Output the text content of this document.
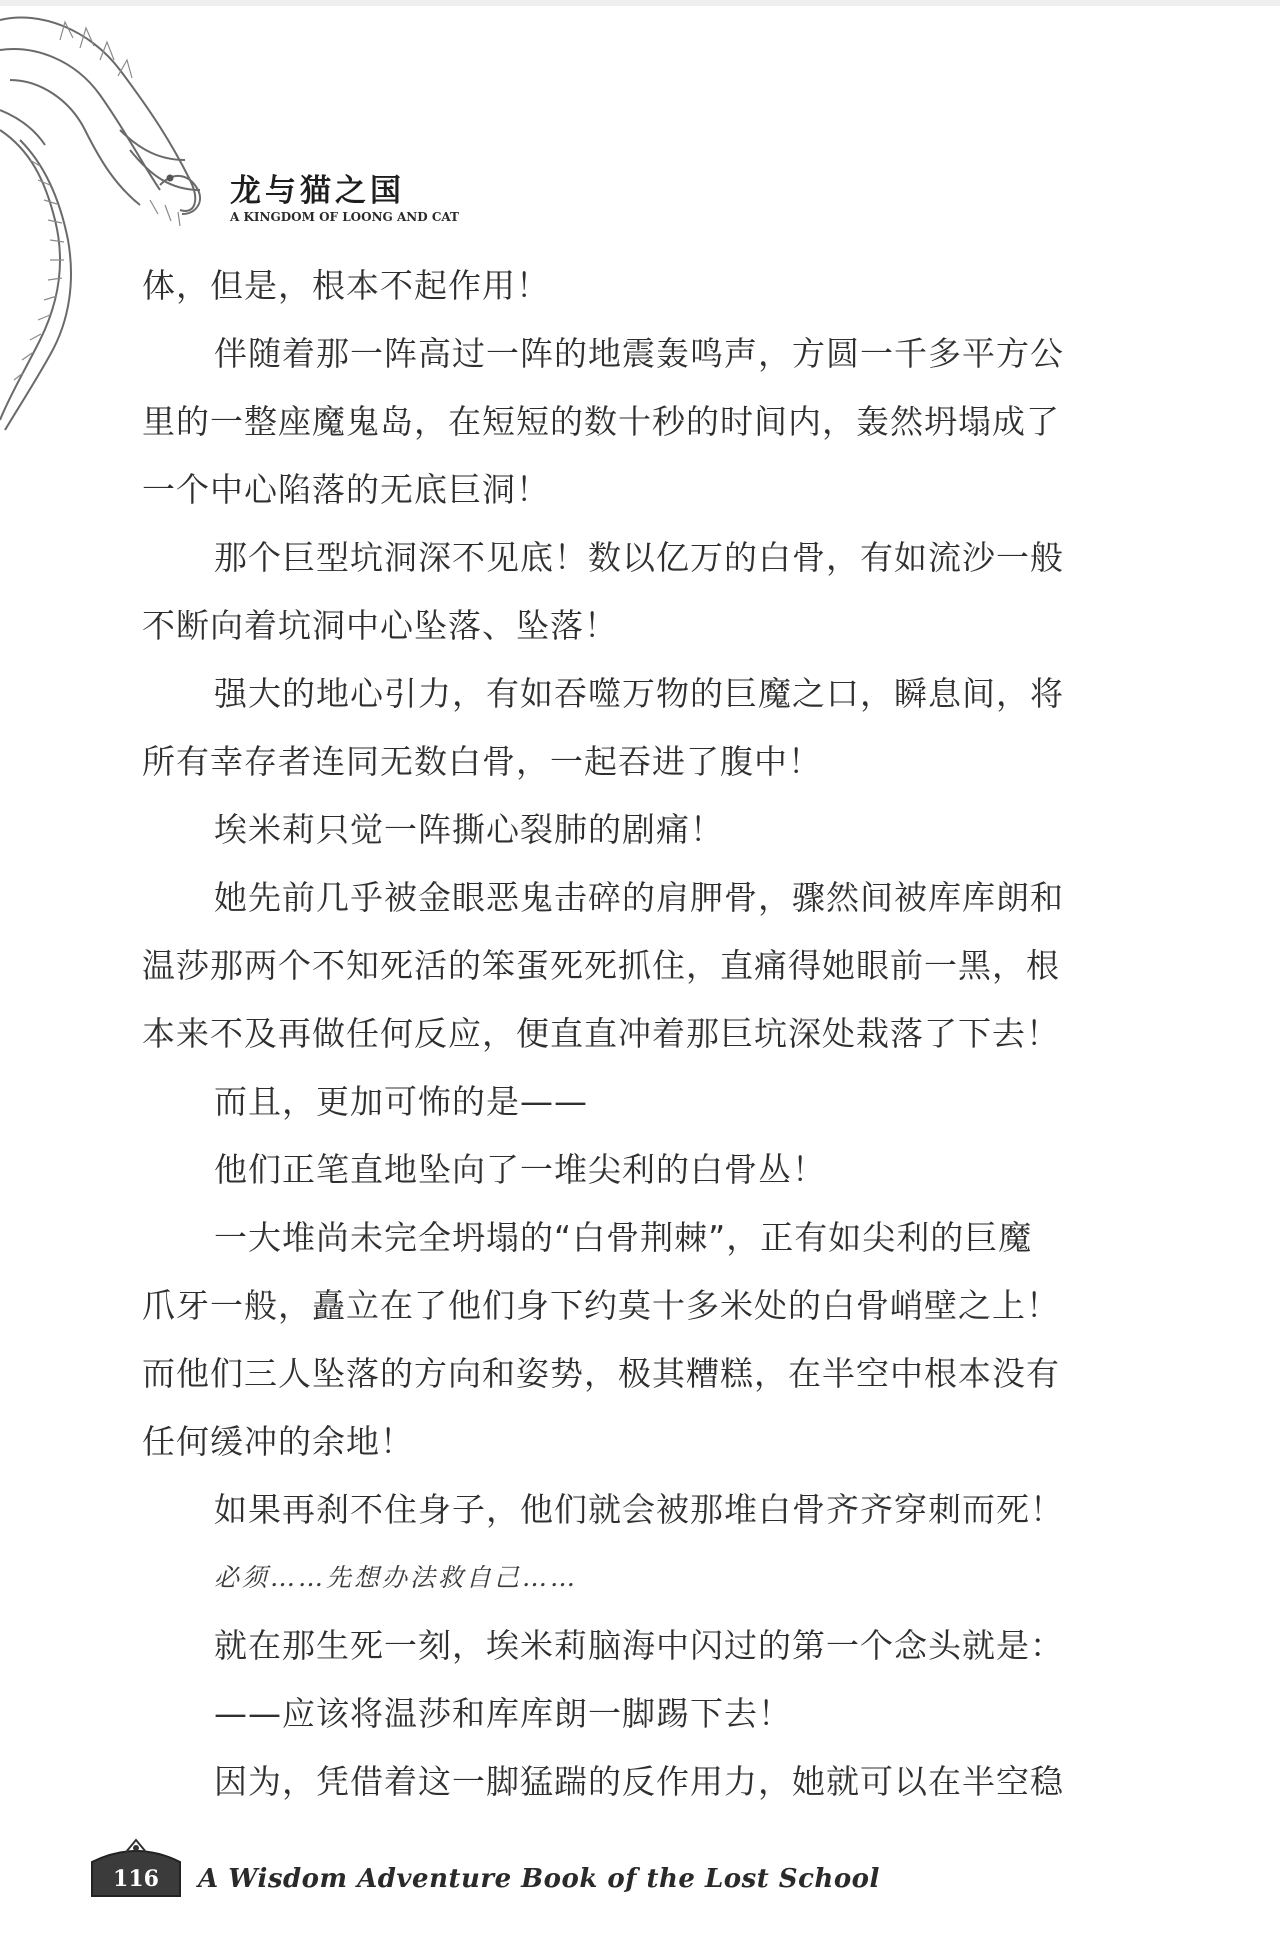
龙与猫之国
A KINGDOM OF LOONG AND CAT

体，但是，根本不起作用！

伴随着那一阵高过一阵的地震轰鸣声，方圆一千多平方公

里的一整座魔鬼岛，在短短的数十秒的时间内，轰然坍塌成了

一个中心陷落的无底巨洞！

那个巨型坑洞深不见底！数以亿万的白骨，有如流沙一般

不断向着坑洞中心坠落、坠落！

强大的地心引力，有如吞噬万物的巨魔之口，瞬息间，将

所有幸存者连同无数白骨，一起吞进了腹中！

埃米莉只觉一阵撕心裂肺的剧痛！

她先前几乎被金眼恶鬼击碎的肩胛骨，骤然间被库库朗和

温莎那两个不知死活的笨蛋死死抓住，直痛得她眼前一黑，根

本来不及再做任何反应，便直直冲着那巨坑深处栽落了下去！

而且，更加可怖的是——

他们正笔直地坠向了一堆尖利的白骨丛！

一大堆尚未完全坍塌的“白骨荆棘”，正有如尖利的巨魔

爪牙一般，矗立在了他们身下约莫十多米处的白骨峭壁之上！

而他们三人坠落的方向和姿势，极其糟糕，在半空中根本没有

任何缓冲的余地！

如果再刹不住身子，他们就会被那堆白骨齐齐穿刺而死！

必须……先想办法救自己……

就在那生死一刻，埃米莉脑海中闪过的第一个念头就是：

——应该将温莎和库库朗一脚踢下去！

因为，凭借着这一脚猛踹的反作用力，她就可以在半空稳

116	A Wisdom Adventure Book of the Lost School
